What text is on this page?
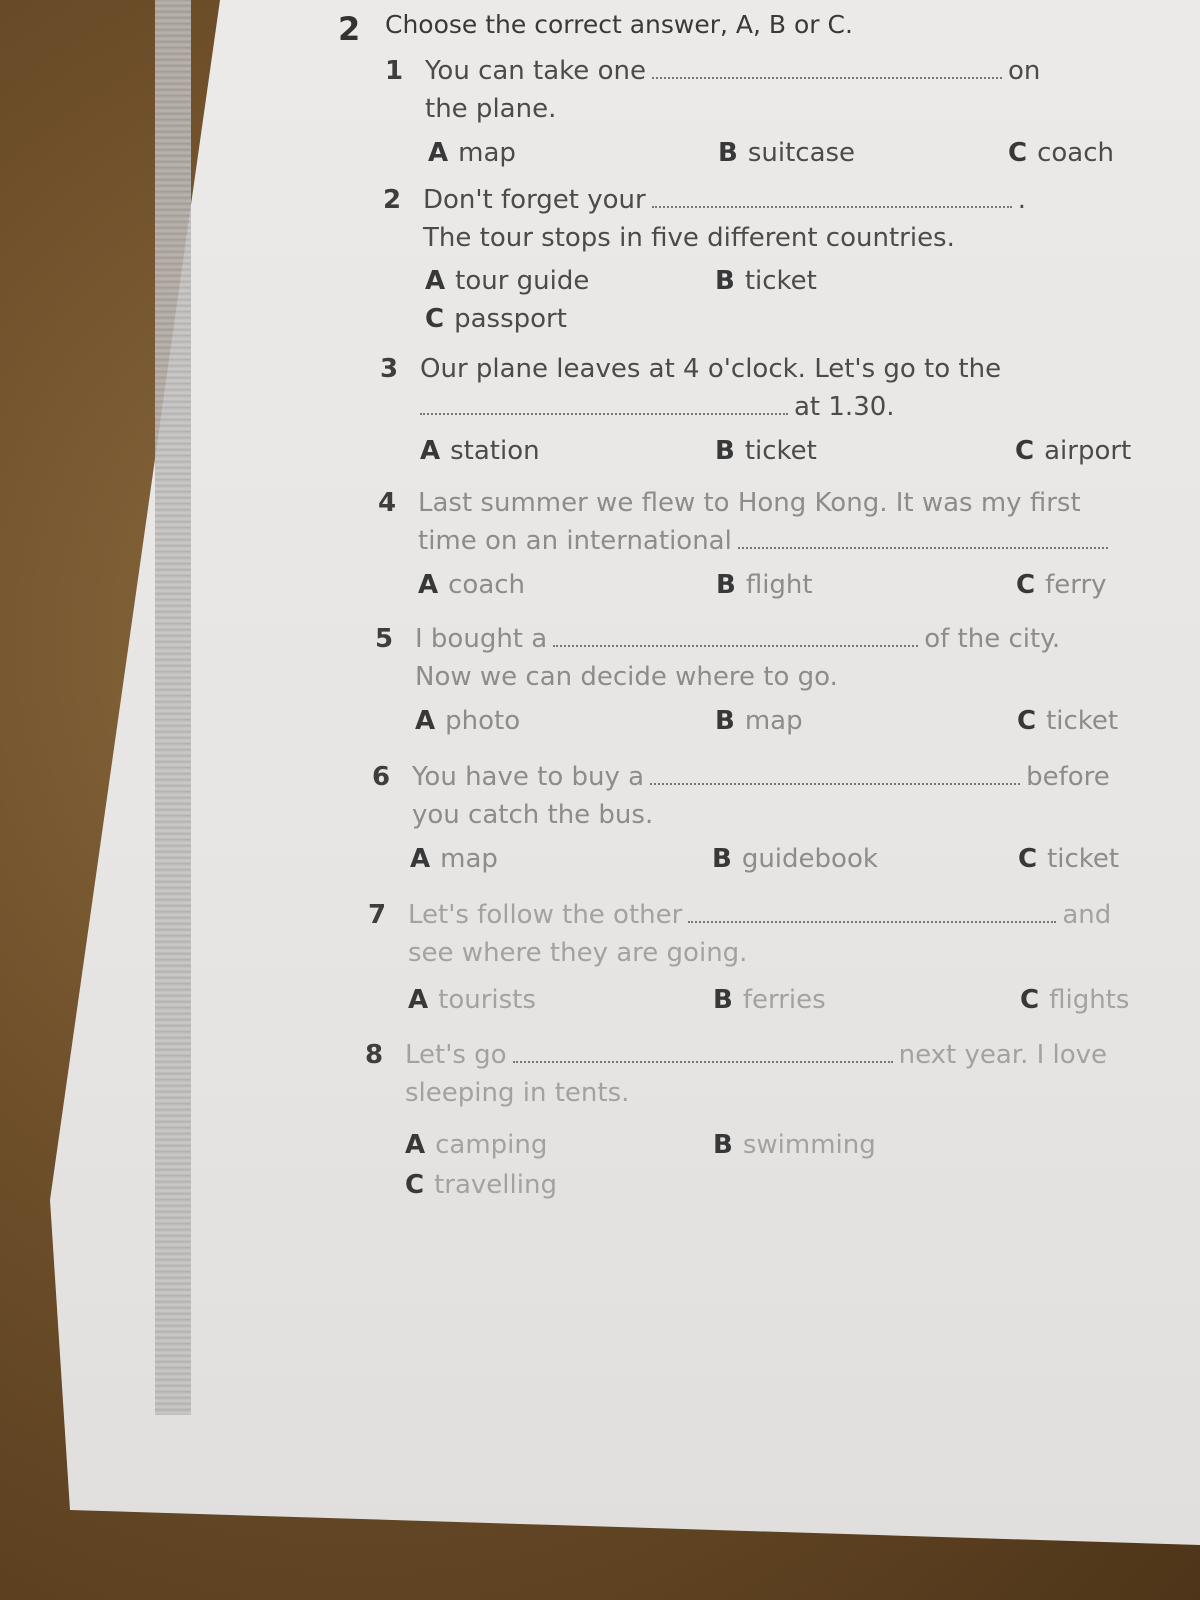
2 Choose the correct answer, A, B or C.
1 You can take one	on
the plane.
A map	B suitcase	C coach
2 Don't forget your	.
The tour stops in five different countries.
A tour guide	B ticket
C passport
3 Our plane leaves at 4 o'clock. Let's go to the
at 1.30.
A station	B ticket	C airport
4 Last summer we flew to Hong Kong. It was my first
time on an international
A coach	B flight	C ferry
5 I bought a	of the city.
Now we can decide where to go.
A photo	B map	C ticket
6 You have to buy a	before
you catch the bus.
A map	B guidebook	C ticket
7 Let's follow the other	and
see where they are going.
A tourists	B ferries	C flights
8 Let's go	next year. I love
sleeping in tents.
A camping	B swimming
C travelling
